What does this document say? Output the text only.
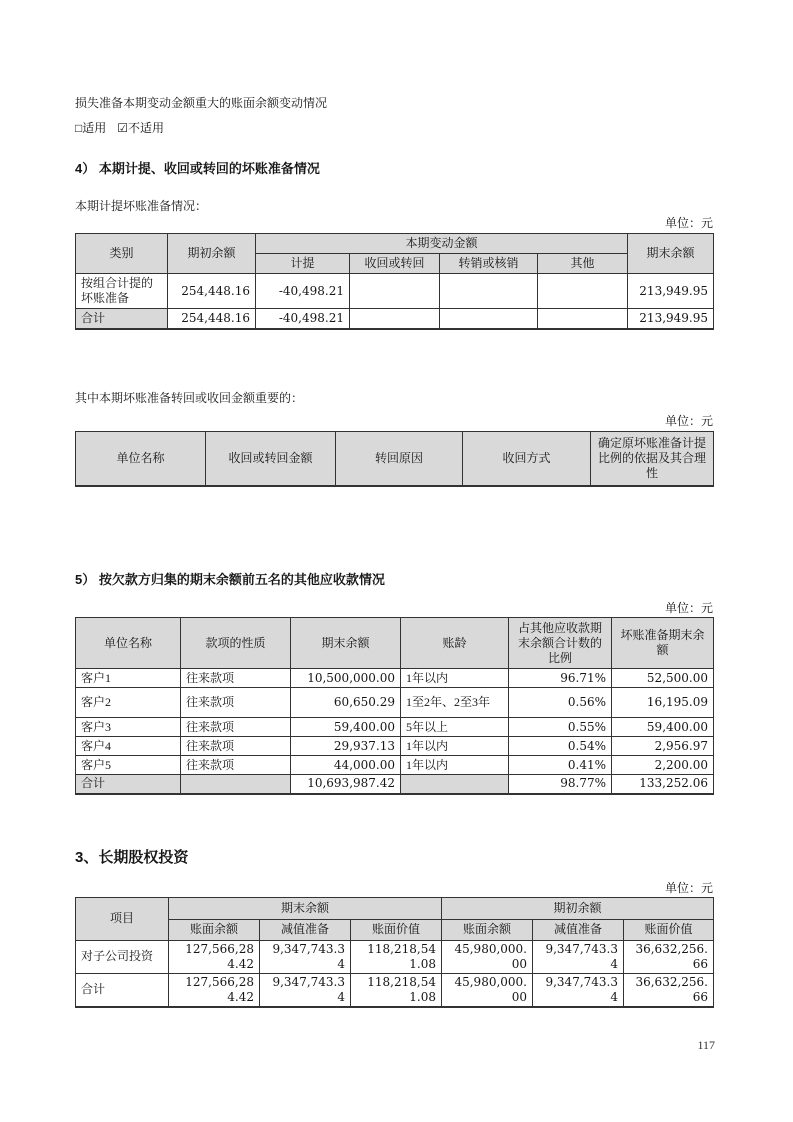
损失准备本期变动金额重大的账面余额变动情况

□适用 ☑不适用

4） 本期计提、收回或转回的坏账准备情况

本期计提坏账准备情况：

单位：元

类别	期初余额	本期变动金额				期末余额
		计提	收回或转回	转销或核销	其他	
按组合计提的坏账准备	254,448.16	-40,498.21				213,949.95
合计	254,448.16	-40,498.21				213,949.95

其中本期坏账准备转回或收回金额重要的：

单位：元

单位名称	收回或转回金额	转回原因	收回方式	确定原坏账准备计提比例的依据及其合理性

5） 按欠款方归集的期末余额前五名的其他应收款情况

单位：元

单位名称	款项的性质	期末余额	账龄	占其他应收款期末余额合计数的比例	坏账准备期末余额
客户1	往来款项	10,500,000.00	1年以内	96.71%	52,500.00
客户2	往来款项	60,650.29	1至2年、2至3年	0.56%	16,195.09
客户3	往来款项	59,400.00	5年以上	0.55%	59,400.00
客户4	往来款项	29,937.13	1年以内	0.54%	2,956.97
客户5	往来款项	44,000.00	1年以内	0.41%	2,200.00
合计		10,693,987.42		98.77%	133,252.06

3、长期股权投资

单位：元

项目	期末余额			期初余额		
	账面余额	减值准备	账面价值	账面余额	减值准备	账面价值
对子公司投资	127,566,284.42	9,347,743.34	118,218,541.08	45,980,000.00	9,347,743.34	36,632,256.66
合计	127,566,284.42	9,347,743.34	118,218,541.08	45,980,000.00	9,347,743.34	36,632,256.66
117
